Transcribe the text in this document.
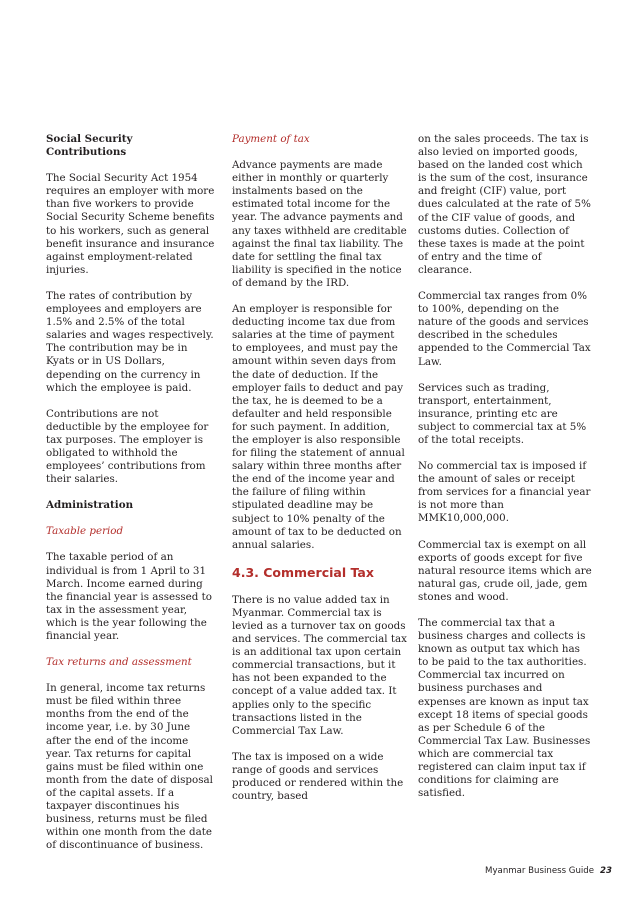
Social Security Contributions
The Social Security Act 1954 requires an employer with more than five workers to provide Social Security Scheme benefits to his workers, such as general benefit insurance and insurance against employment-related injuries.
The rates of contribution by employees and employers are 1.5% and 2.5% of the total salaries and wages respectively. The contribution may be in Kyats or in US Dollars, depending on the currency in which the employee is paid.
Contributions are not deductible by the employee for tax purposes. The employer is obligated to withhold the employees’ contributions from their salaries.
Administration
Taxable period
The taxable period of an individual is from 1 April to 31 March. Income earned during the financial year is assessed to tax in the assessment year, which is the year following the financial year.
Tax returns and assessment
In general, income tax returns must be filed within three months from the end of the income year, i.e. by 30 June after the end of the income year. Tax returns for capital gains must be filed within one month from the date of disposal of the capital assets. If a taxpayer discontinues his business, returns must be filed within one month from the date of discontinuance of business.
Payment of tax
Advance payments are made either in monthly or quarterly instalments based on the estimated total income for the year. The advance payments and any taxes withheld are creditable against the final tax liability. The date for settling the final tax liability is specified in the notice of demand by the IRD.
An employer is responsible for deducting income tax due from salaries at the time of payment to employees, and must pay the amount within seven days from the date of deduction. If the employer fails to deduct and pay the tax, he is deemed to be a defaulter and held responsible for such payment. In addition, the employer is also responsible for filing the statement of annual salary within three months after the end of the income year and the failure of filing within stipulated deadline may be subject to 10% penalty of the amount of tax to be deducted on annual salaries.
4.3. Commercial Tax
There is no value added tax in Myanmar. Commercial tax is levied as a turnover tax on goods and services. The commercial tax is an additional tax upon certain commercial transactions, but it has not been expanded to the concept of a value added tax. It applies only to the specific transactions listed in the Commercial Tax Law.
The tax is imposed on a wide range of goods and services produced or rendered within the country, based
on the sales proceeds. The tax is also levied on imported goods, based on the landed cost which is the sum of the cost, insurance and freight (CIF) value, port dues calculated at the rate of 5% of the CIF value of goods, and customs duties. Collection of these taxes is made at the point of entry and the time of clearance.
Commercial tax ranges from 0% to 100%, depending on the nature of the goods and services described in the schedules appended to the Commercial Tax Law.
Services such as trading, transport, entertainment, insurance, printing etc are subject to commercial tax at 5% of the total receipts.
No commercial tax is imposed if the amount of sales or receipt from services for a financial year is not more than MMK10,000,000.
Commercial tax is exempt on all exports of goods except for five natural resource items which are natural gas, crude oil, jade, gem stones and wood.
The commercial tax that a business charges and collects is known as output tax which has to be paid to the tax authorities. Commercial tax incurred on business purchases and expenses are known as input tax except 18 items of special goods as per Schedule 6 of the Commercial Tax Law. Businesses which are commercial tax registered can claim input tax if conditions for claiming are satisfied.
Myanmar Business Guide 23
